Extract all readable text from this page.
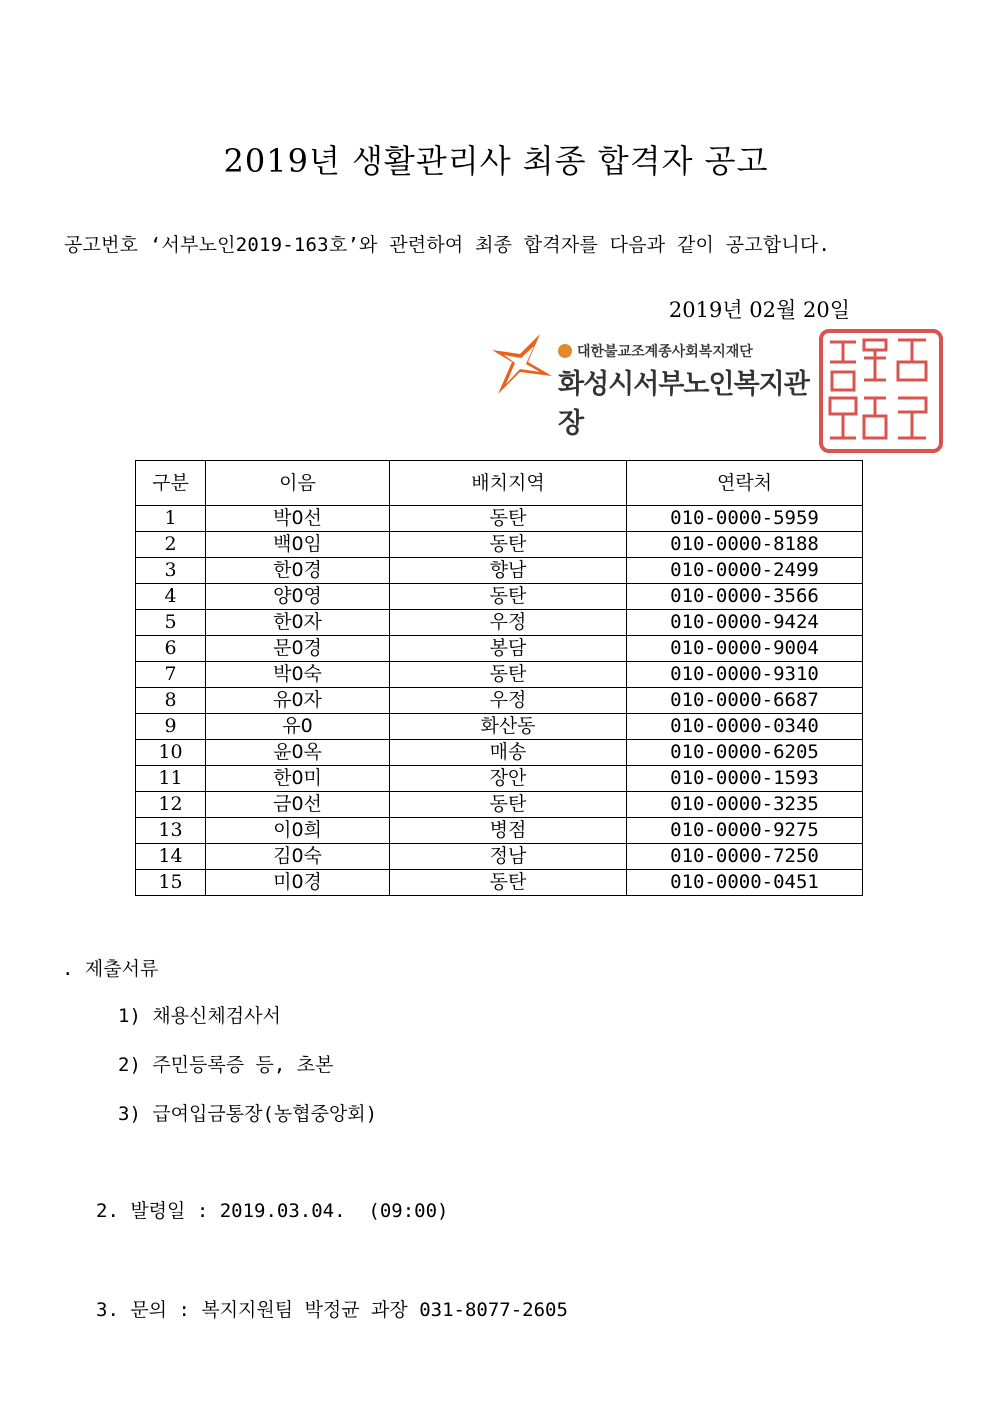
2019년 생활관리사 최종 합격자 공고
공고번호 ‘서부노인2019-163호’와 관련하여 최종 합격자를 다음과 같이 공고합니다.
2019년 02월 20일
대한불교조계종사회복지재단
화성시서부노인복지관장
구분	이음	배치지역	연락처
1	박0선	동탄	010-0000-5959
2	백0임	동탄	010-0000-8188
3	한0경	향남	010-0000-2499
4	양0영	동탄	010-0000-3566
5	한0자	우정	010-0000-9424
6	문0경	봉담	010-0000-9004
7	박0숙	동탄	010-0000-9310
8	유0자	우정	010-0000-6687
9	유0	화산동	010-0000-0340
10	윤0옥	매송	010-0000-6205
11	한0미	장안	010-0000-1593
12	금0선	동탄	010-0000-3235
13	이0희	병점	010-0000-9275
14	김0숙	정남	010-0000-7250
15	미0경	동탄	010-0000-0451
. 제출서류
1) 채용신체검사서
2) 주민등록증 등, 초본
3) 급여입금통장(농협중앙회)
2. 발령일 : 2019.03.04.  (09:00)
3. 문의 : 복지지원팀 박정균 과장 031-8077-2605
